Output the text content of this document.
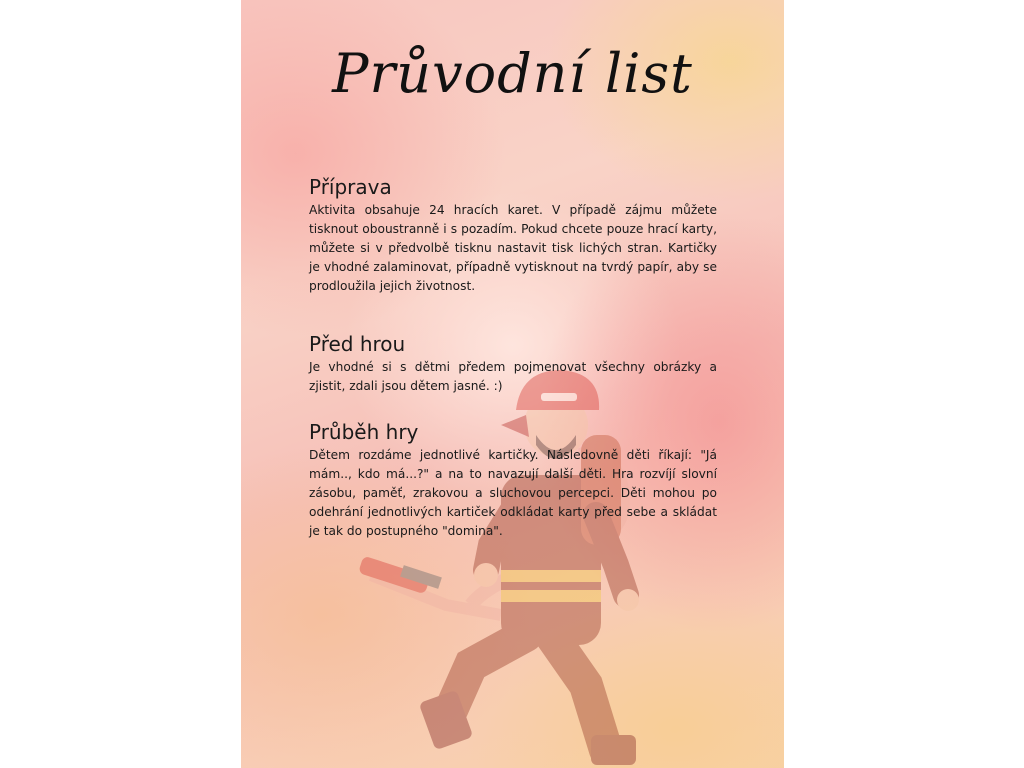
Průvodní list
Příprava

Aktivita obsahuje 24 hracích karet. V případě zájmu můžete tisknout oboustranně i s pozadím. Pokud chcete pouze hrací karty, můžete si v předvolbě tisknu nastavit tisk lichých stran. Kartičky je vhodné zalaminovat, případně vytisknout na tvrdý papír, aby se prodloužila jejich životnost.

Před hrou

Je vhodné si s dětmi předem pojmenovat všechny obrázky a zjistit, zdali jsou dětem jasné. :)

Průběh hry

Dětem rozdáme jednotlivé kartičky. Následovně děti říkají: "Já mám.., kdo má...?" a na to navazují další děti. Hra rozvíjí slovní zásobu, paměť, zrakovou a sluchovou percepci. Děti mohou po odehrání jednotlivých kartiček odkládat karty před sebe a skládat je tak do postupného "domina".
